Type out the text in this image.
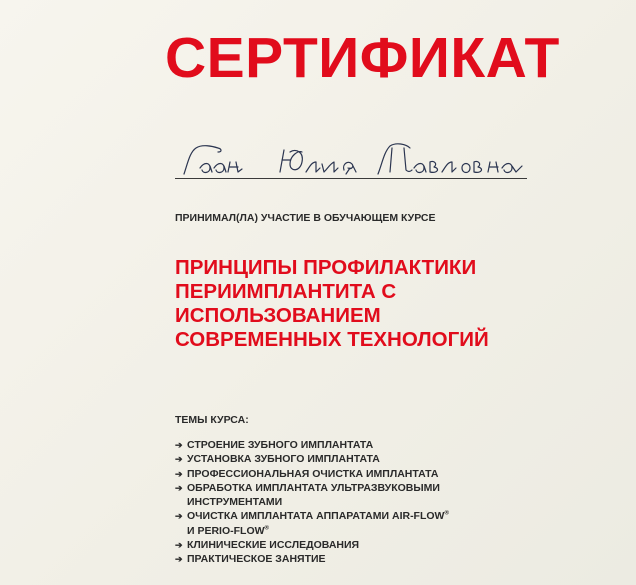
СЕРТИФИКАТ
ПРИНИМАЛ(ЛА) УЧАСТИЕ В ОБУЧАЮЩЕМ КУРСЕ
ПРИНЦИПЫ ПРОФИЛАКТИКИ
ПЕРИИМПЛАНТИТА С
ИСПОЛЬЗОВАНИЕМ
СОВРЕМЕННЫХ ТЕХНОЛОГИЙ
ТЕМЫ КУРСА:
➔ СТРОЕНИЕ ЗУБНОГО ИМПЛАНТАТА
➔ УСТАНОВКА ЗУБНОГО ИМПЛАНТАТА
➔ ПРОФЕССИОНАЛЬНАЯ ОЧИСТКА ИМПЛАНТАТА
➔ ОБРАБОТКА ИМПЛАНТАТА УЛЬТРАЗВУКОВЫМИ
ИНСТРУМЕНТАМИ
➔ ОЧИСТКА ИМПЛАНТАТА АППАРАТАМИ AIR-FLOW®
И PERIO-FLOW®
➔ КЛИНИЧЕСКИЕ ИССЛЕДОВАНИЯ
➔ ПРАКТИЧЕСКОЕ ЗАНЯТИЕ
